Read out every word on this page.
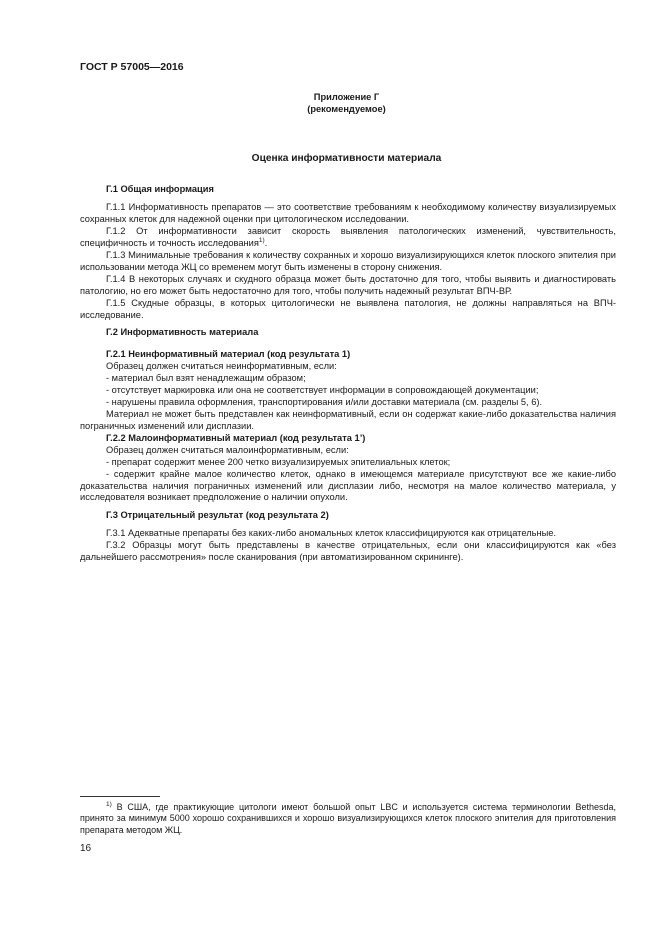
ГОСТ Р 57005—2016
Приложение Г
(рекомендуемое)
Оценка информативности материала
Г.1 Общая информация

Г.1.1 Информативность препаратов — это соответствие требованиям к необходимому количеству визуализируемых сохранных клеток для надежной оценки при цитологическом исследовании.

Г.1.2 От информативности зависит скорость выявления патологических изменений, чувствительность, специфичность и точность исследования$^{1)}$.

Г.1.3 Минимальные требования к количеству сохранных и хорошо визуализирующихся клеток плоского эпителия при использовании метода ЖЦ со временем могут быть изменены в сторону снижения.

Г.1.4 В некоторых случаях и скудного образца может быть достаточно для того, чтобы выявить и диагностировать патологию, но его может быть недостаточно для того, чтобы получить надежный результат ВПЧ-ВР.

Г.1.5 Скудные образцы, в которых цитологически не выявлена патология, не должны направляться на ВПЧ-исследование.

Г.2 Информативность материала
Г.2.1 Неинформативный материал (код результата 1)

Образец должен считаться неинформативным, если:

- материал был взят ненадлежащим образом;

- отсутствует маркировка или она не соответствует информации в сопровождающей документации;

- нарушены правила оформления, транспортирования и/или доставки материала (см. разделы 5, 6).

Материал не может быть представлен как неинформативный, если он содержат какие-либо доказательства наличия пограничных изменений или дисплазии.

Г.2.2 Малоинформативный материал (код результата 1’)

Образец должен считаться малоинформативным, если:

- препарат содержит менее 200 четко визуализируемых эпителиальных клеток;

- содержит крайне малое количество клеток, однако в имеющемся материале присутствуют все же какие-либо доказательства наличия пограничных изменений или дисплазии либо, несмотря на малое количество материала, у исследователя возникает предположение о наличии опухоли.

Г.3 Отрицательный результат (код результата 2)

Г.3.1 Адекватные препараты без каких-либо аномальных клеток классифицируются как отрицательные.

Г.3.2 Образцы могут быть представлены в качестве отрицательных, если они классифицируются как «без дальнейшего рассмотрения» после сканирования (при автоматизированном скрининге).

$^{1)}$ В США, где практикующие цитологи имеют большой опыт LBC и используется система терминологии Bethesda, принято за минимум 5000 хорошо сохранившихся и хорошо визуализирующихся клеток плоского эпителия для приготовления препарата методом ЖЦ.

16
